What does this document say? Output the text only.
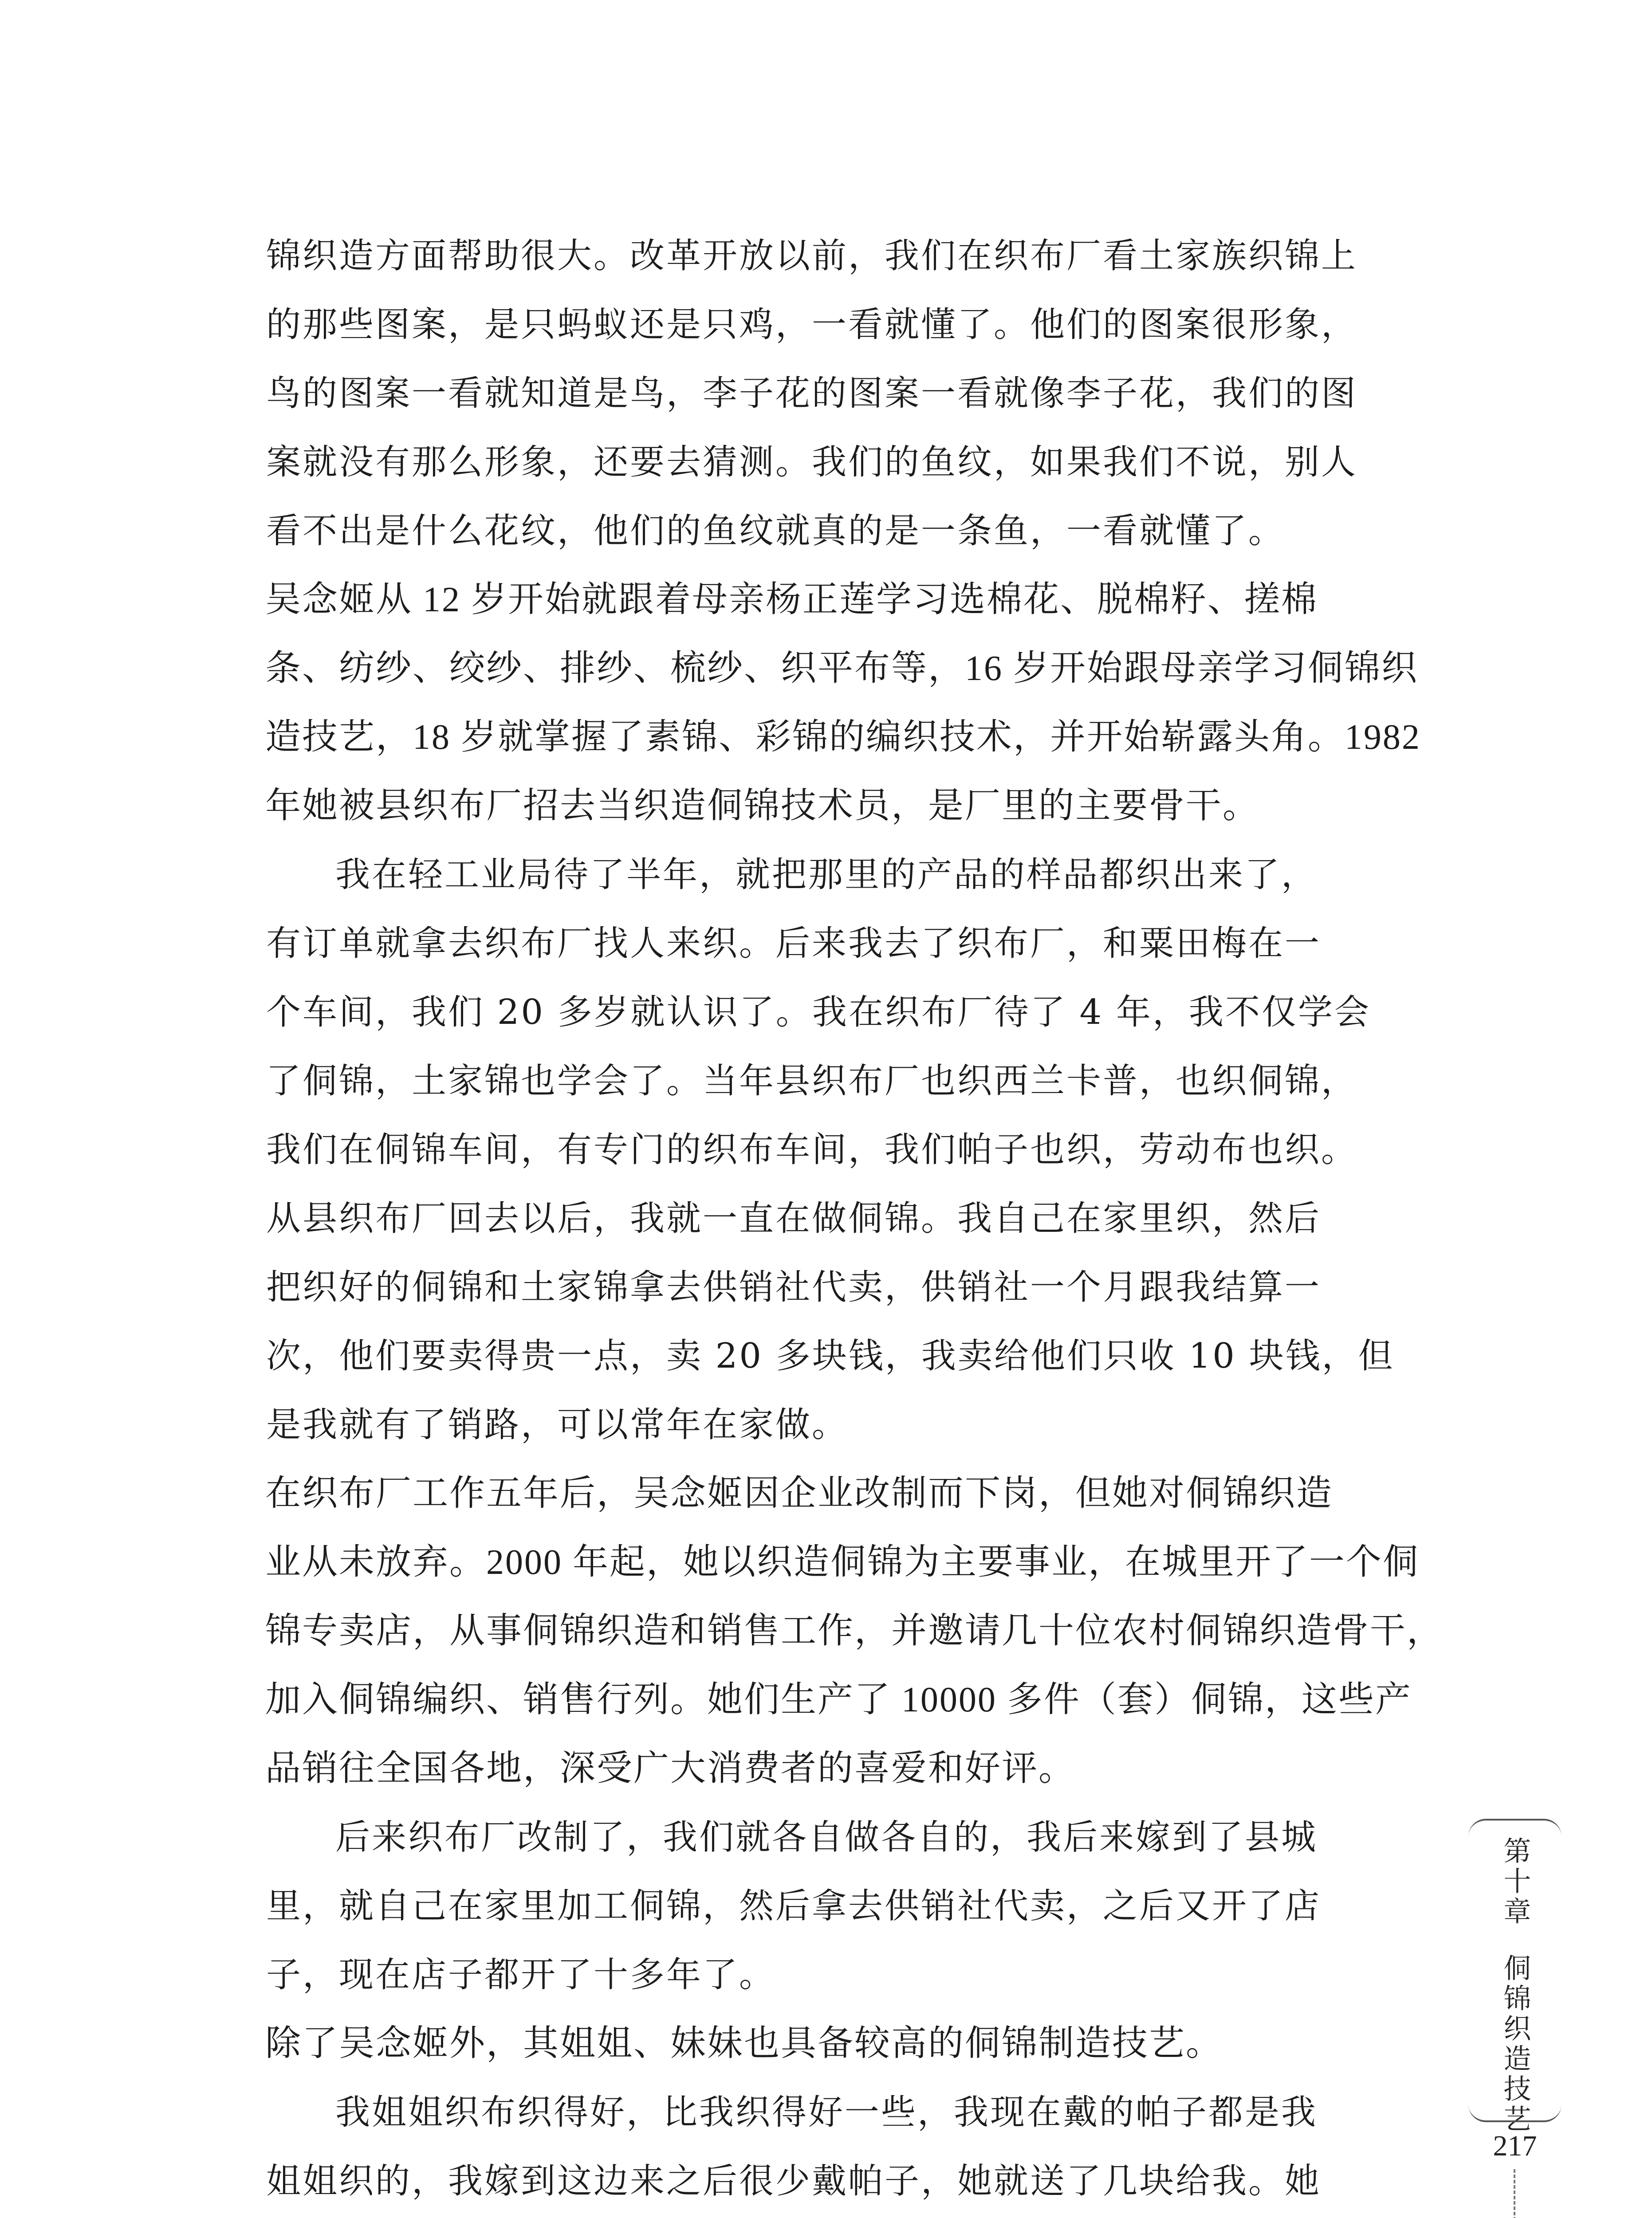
锦织造方面帮助很大。改革开放以前，我们在织布厂看土家族织锦上
的那些图案，是只蚂蚁还是只鸡，一看就懂了。他们的图案很形象，
鸟的图案一看就知道是鸟，李子花的图案一看就像李子花，我们的图
案就没有那么形象，还要去猜测。我们的鱼纹，如果我们不说，别人
看不出是什么花纹，他们的鱼纹就真的是一条鱼，一看就懂了。
吴念姬从 12 岁开始就跟着母亲杨正莲学习选棉花、脱棉籽、搓棉
条、纺纱、绞纱、排纱、梳纱、织平布等，16 岁开始跟母亲学习侗锦织
造技艺，18 岁就掌握了素锦、彩锦的编织技术，并开始崭露头角。1982
年她被县织布厂招去当织造侗锦技术员，是厂里的主要骨干。
我在轻工业局待了半年，就把那里的产品的样品都织出来了，
有订单就拿去织布厂找人来织。后来我去了织布厂，和粟田梅在一
个车间，我们 20 多岁就认识了。我在织布厂待了 4 年，我不仅学会
了侗锦，土家锦也学会了。当年县织布厂也织西兰卡普，也织侗锦，
我们在侗锦车间，有专门的织布车间，我们帕子也织，劳动布也织。
从县织布厂回去以后，我就一直在做侗锦。我自己在家里织，然后
把织好的侗锦和土家锦拿去供销社代卖，供销社一个月跟我结算一
次，他们要卖得贵一点，卖 20 多块钱，我卖给他们只收 10 块钱，但
是我就有了销路，可以常年在家做。
在织布厂工作五年后，吴念姬因企业改制而下岗，但她对侗锦织造
业从未放弃。2000 年起，她以织造侗锦为主要事业，在城里开了一个侗
锦专卖店，从事侗锦织造和销售工作，并邀请几十位农村侗锦织造骨干，
加入侗锦编织、销售行列。她们生产了 10000 多件（套）侗锦，这些产
品销往全国各地，深受广大消费者的喜爱和好评。
后来织布厂改制了，我们就各自做各自的，我后来嫁到了县城
里，就自己在家里加工侗锦，然后拿去供销社代卖，之后又开了店
子，现在店子都开了十多年了。
除了吴念姬外，其姐姐、妹妹也具备较高的侗锦制造技艺。
我姐姐织布织得好，比我织得好一些，我现在戴的帕子都是我
姐姐织的，我嫁到这边来之后很少戴帕子，她就送了几块给我。她
第十章侗锦织造技艺
217
